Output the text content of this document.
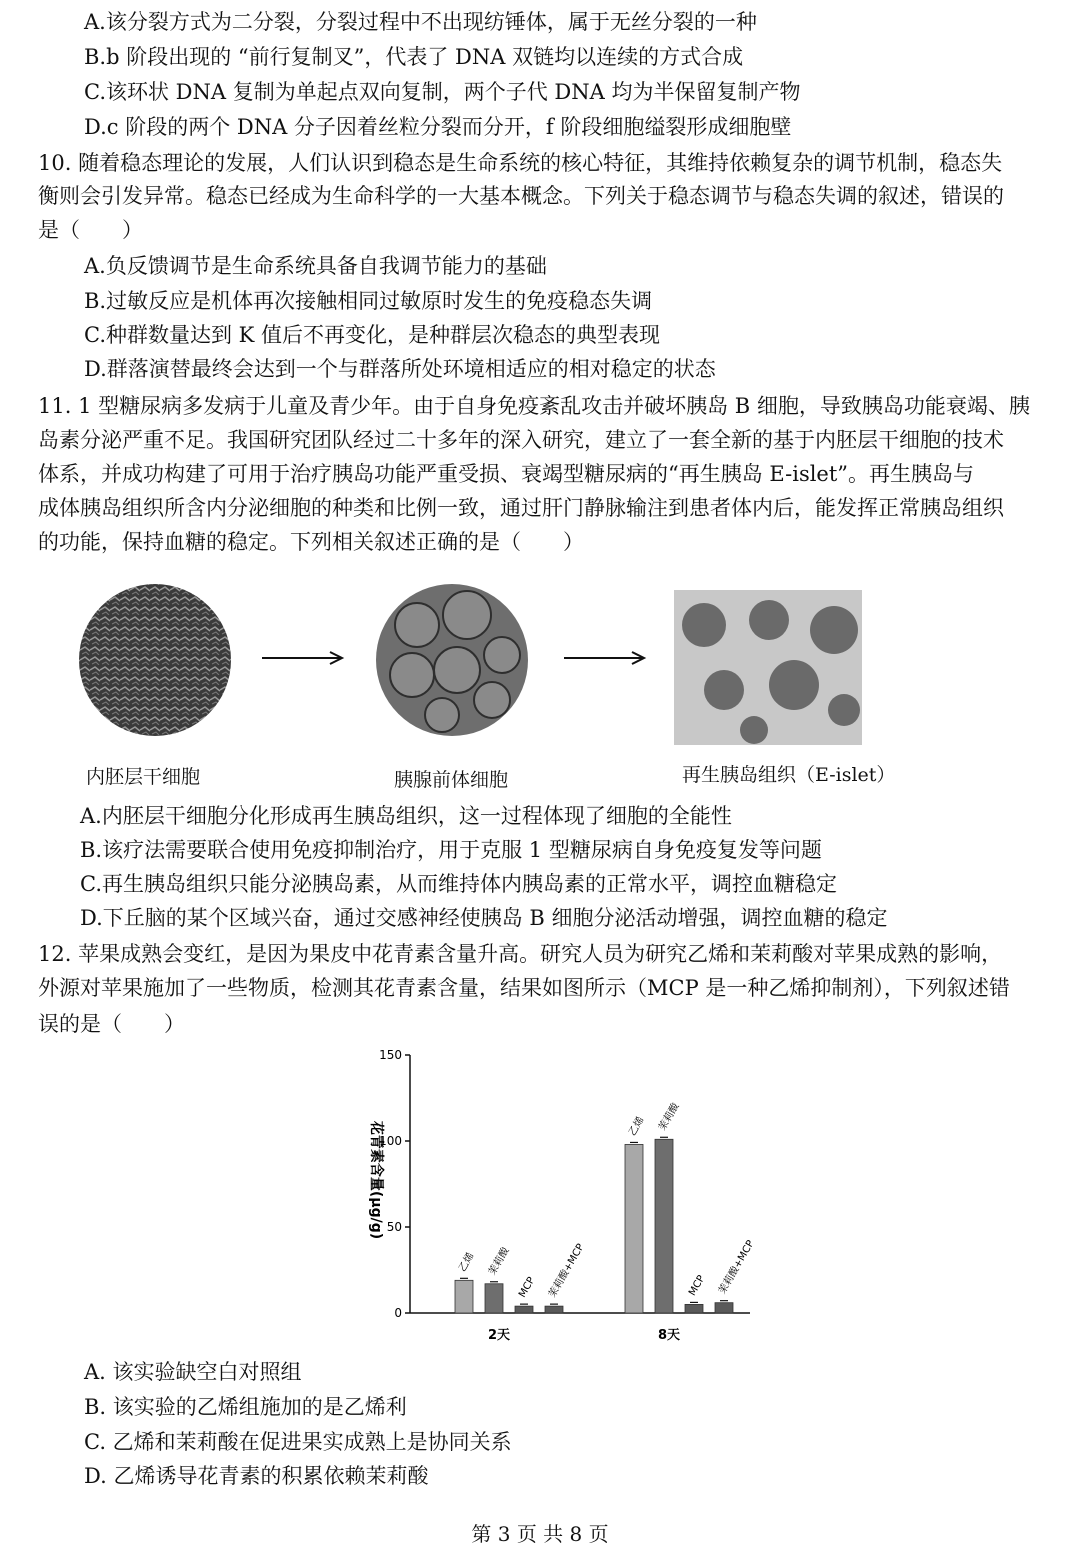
A.该分裂方式为二分裂，分裂过程中不出现纺锤体，属于无丝分裂的一种
B.b 阶段出现的 “前行复制叉”，代表了 DNA 双链均以连续的方式合成
C.该环状 DNA 复制为单起点双向复制，两个子代 DNA 均为半保留复制产物
D.c 阶段的两个 DNA 分子因着丝粒分裂而分开，f 阶段细胞缢裂形成细胞壁
10. 随着稳态理论的发展，人们认识到稳态是生命系统的核心特征，其维持依赖复杂的调节机制，稳态失
衡则会引发异常。稳态已经成为生命科学的一大基本概念。下列关于稳态调节与稳态失调的叙述，错误的
是（　　）
A.负反馈调节是生命系统具备自我调节能力的基础
B.过敏反应是机体再次接触相同过敏原时发生的免疫稳态失调
C.种群数量达到 K 值后不再变化，是种群层次稳态的典型表现
D.群落演替最终会达到一个与群落所处环境相适应的相对稳定的状态
11. 1 型糖尿病多发病于儿童及青少年。由于自身免疫紊乱攻击并破坏胰岛 B 细胞，导致胰岛功能衰竭、胰
岛素分泌严重不足。我国研究团队经过二十多年的深入研究，建立了一套全新的基于内胚层干细胞的技术
体系，并成功构建了可用于治疗胰岛功能严重受损、衰竭型糖尿病的“再生胰岛 E-islet”。再生胰岛与
成体胰岛组织所含内分泌细胞的种类和比例一致，通过肝门静脉输注到患者体内后，能发挥正常胰岛组织
的功能，保持血糖的稳定。下列相关叙述正确的是（　　）
内胚层干细胞	胰腺前体细胞	再生胰岛组织（E-islet）
A.内胚层干细胞分化形成再生胰岛组织，这一过程体现了细胞的全能性
B.该疗法需要联合使用免疫抑制治疗，用于克服 1 型糖尿病自身免疫复发等问题
C.再生胰岛组织只能分泌胰岛素，从而维持体内胰岛素的正常水平，调控血糖稳定
D.下丘脑的某个区域兴奋，通过交感神经使胰岛 B 细胞分泌活动增强，调控血糖的稳定
12. 苹果成熟会变红，是因为果皮中花青素含量升高。研究人员为研究乙烯和茉莉酸对苹果成熟的影响，
外源对苹果施加了一些物质，检测其花青素含量，结果如图所示（MCP 是一种乙烯抑制剂），下列叙述错
误的是（　　）
150
100
50
0
花青素含量(μg/g)
乙烯 茉莉酸
MCP 茉莉酸+MCP
2天
乙烯 茉莉酸
MCP 茉莉酸+MCP
8天
A. 该实验缺空白对照组
B. 该实验的乙烯组施加的是乙烯利
C. 乙烯和茉莉酸在促进果实成熟上是协同关系
D. 乙烯诱导花青素的积累依赖茉莉酸
第 3 页 共 8 页
